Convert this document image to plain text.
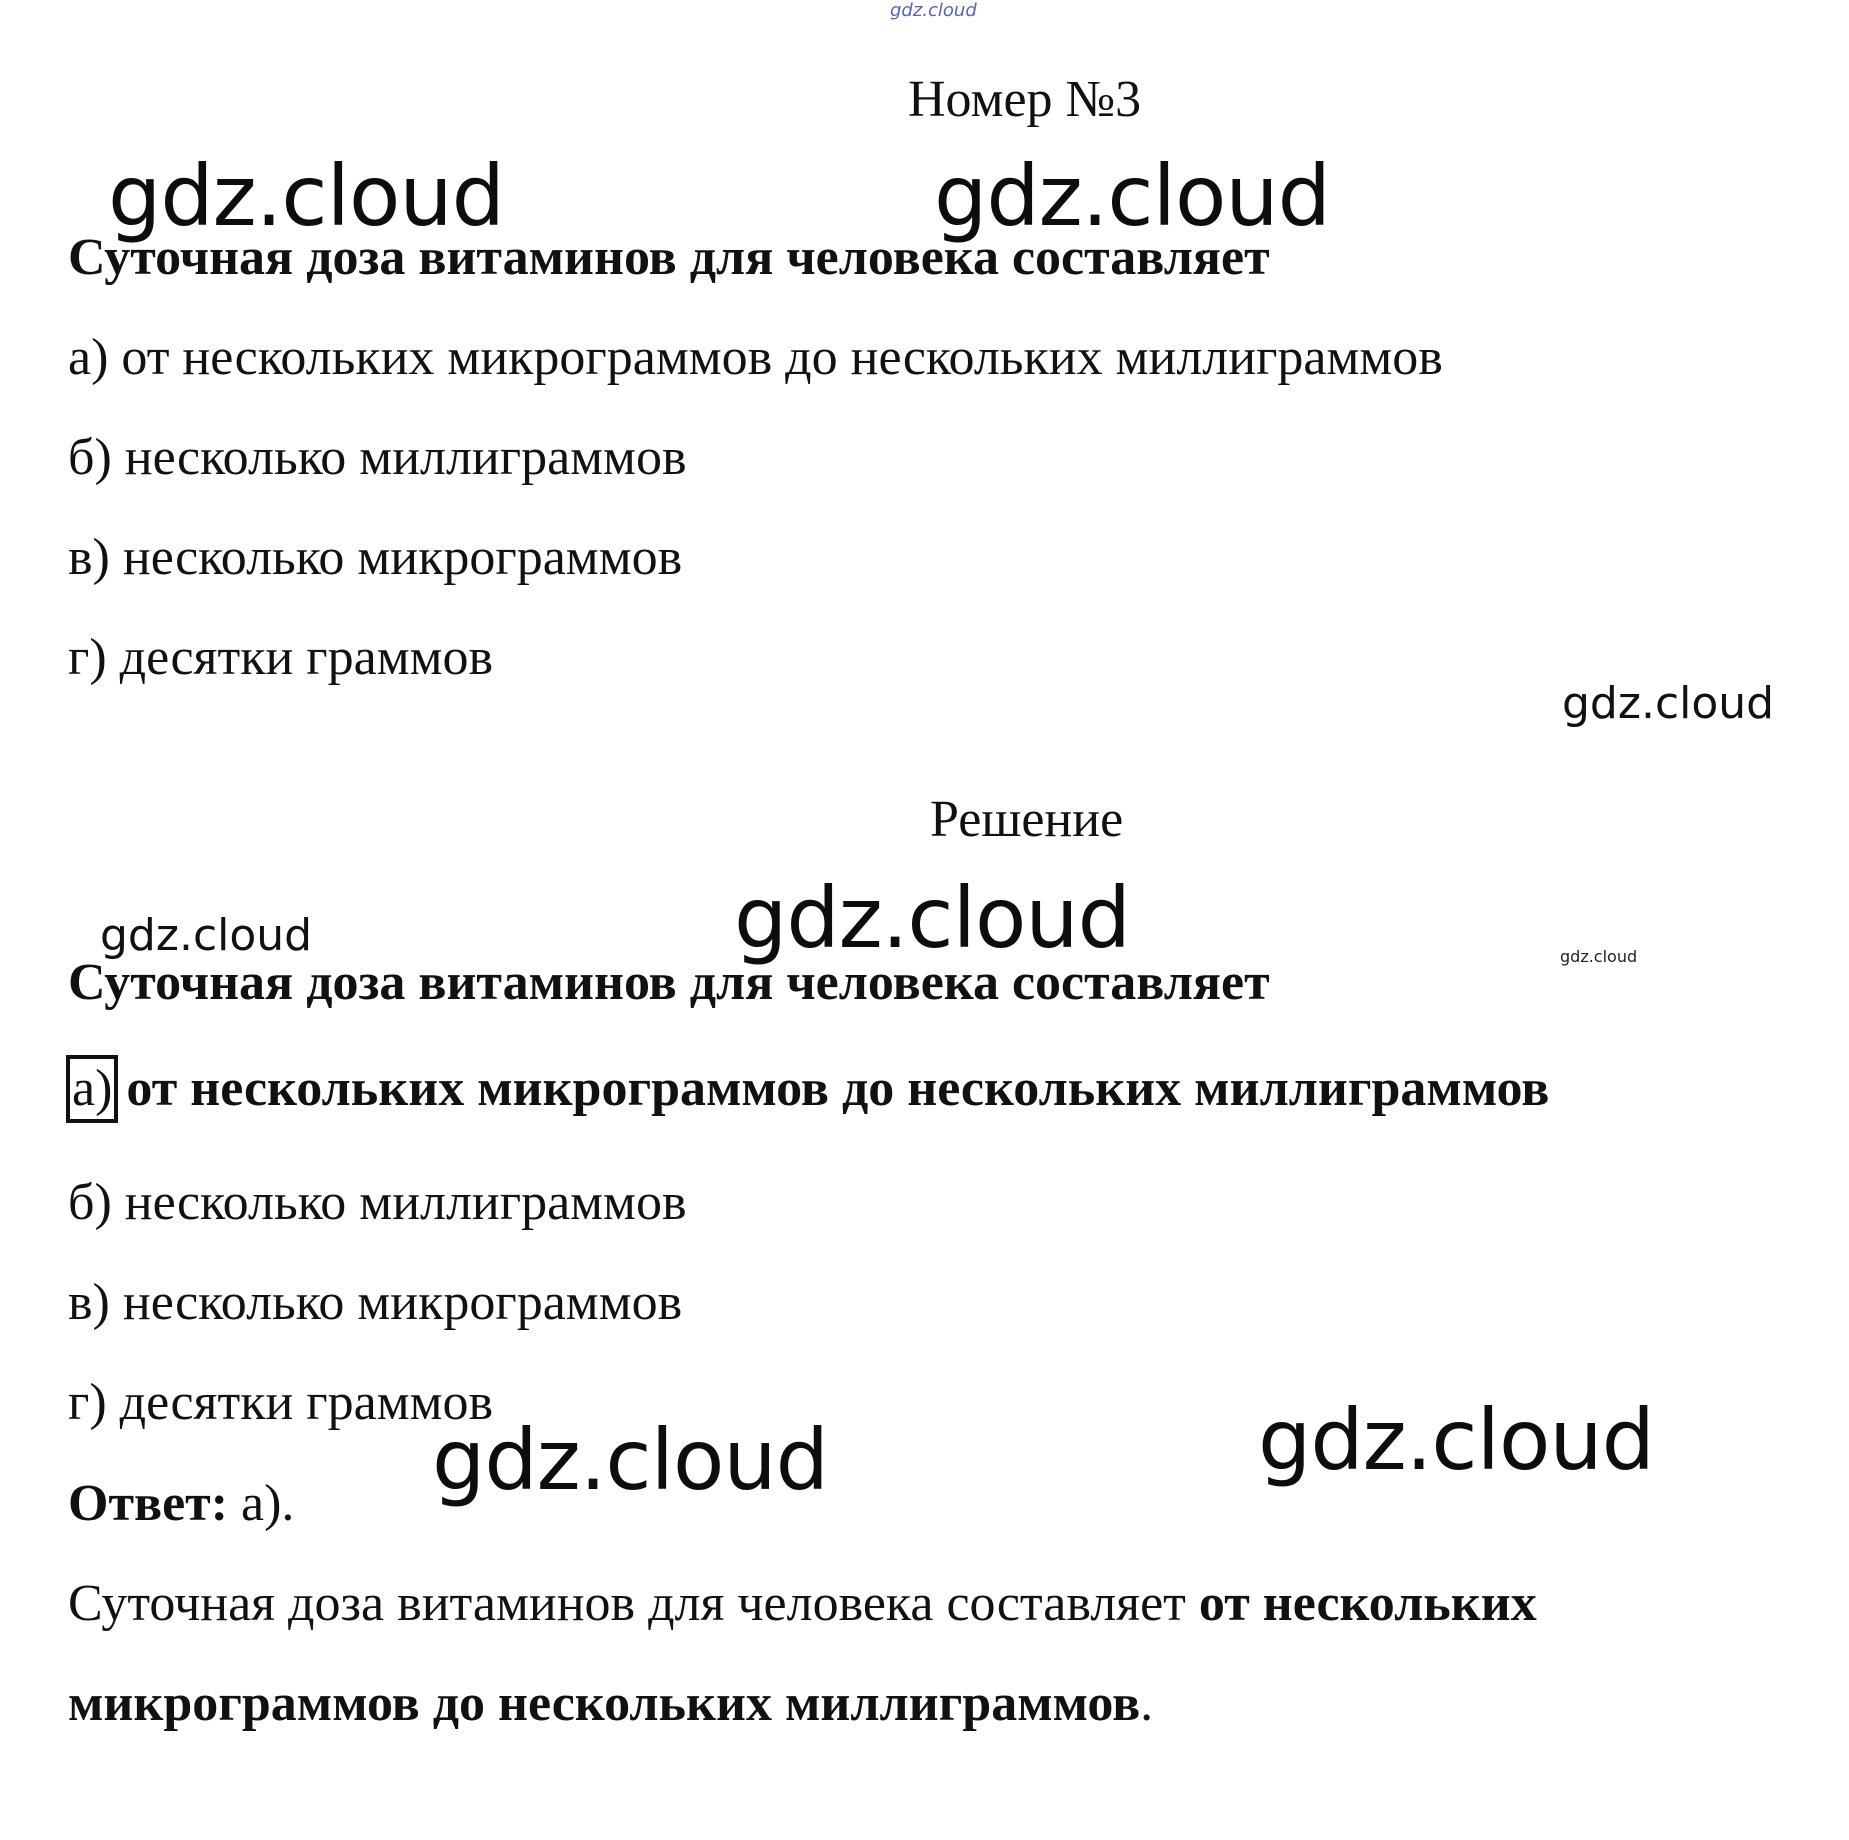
gdz.cloud
Номер №3
gdz.cloud	gdz.cloud
Суточная доза витаминов для человека составляет
а) от нескольких микрограммов до нескольких миллиграммов
б) несколько миллиграммов
в) несколько микрограммов
г) десятки граммов
gdz.cloud
Решение
gdz.cloud	gdz.cloud	gdz.cloud
Суточная доза витаминов для человека составляет
а) от нескольких микрограммов до нескольких миллиграммов
б) несколько миллиграммов
в) несколько микрограммов
г) десятки граммов
gdz.cloud	gdz.cloud
Ответ: а).
Суточная доза витаминов для человека составляет от нескольких
микрограммов до нескольких миллиграммов.
